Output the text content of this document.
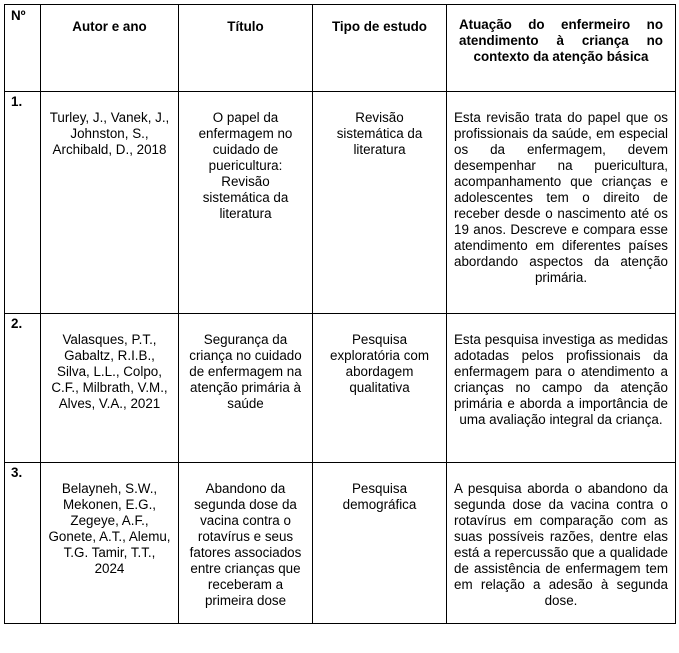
Nº	Autor e ano	Título	Tipo de estudo	Atuação do enfermeiro no atendimento à criança no contexto da atenção básica
1.	Turley, J., Vanek, J., Johnston, S., Archibald, D., 2018	O papel da enfermagem no cuidado de puericultura: Revisão sistemática da literatura	Revisão sistemática da literatura	Esta revisão trata do papel que os profissionais da saúde, em especial os da enfermagem, devem desempenhar na puericultura, acompanhamento que crianças e adolescentes tem o direito de receber desde o nascimento até os 19 anos. Descreve e compara esse atendimento em diferentes países abordando aspectos da atenção primária.

2.	Valasques, P.T., Gabaltz, R.I.B., Silva, L.L., Colpo, C.F., Milbrath, V.M., Alves, V.A., 2021	Segurança da criança no cuidado de enfermagem na atenção primária à saúde	Pesquisa exploratória com abordagem qualitativa	Esta pesquisa investiga as medidas adotadas pelos profissionais da enfermagem para o atendimento a crianças no campo da atenção primária e aborda a importância de uma avaliação integral da criança.

3.	Belayneh, S.W., Mekonen, E.G., Zegeye, A.F., Gonete, A.T., Alemu, T.G. Tamir, T.T., 2024	Abandono da segunda dose da vacina contra o rotavírus e seus fatores associados entre crianças que receberam a primeira dose	Pesquisa demográfica	A pesquisa aborda o abandono da segunda dose da vacina contra o rotavírus em comparação com as suas possíveis razões, dentre elas está a repercussão que a qualidade de assistência de enfermagem tem em relação a adesão à segunda dose.
